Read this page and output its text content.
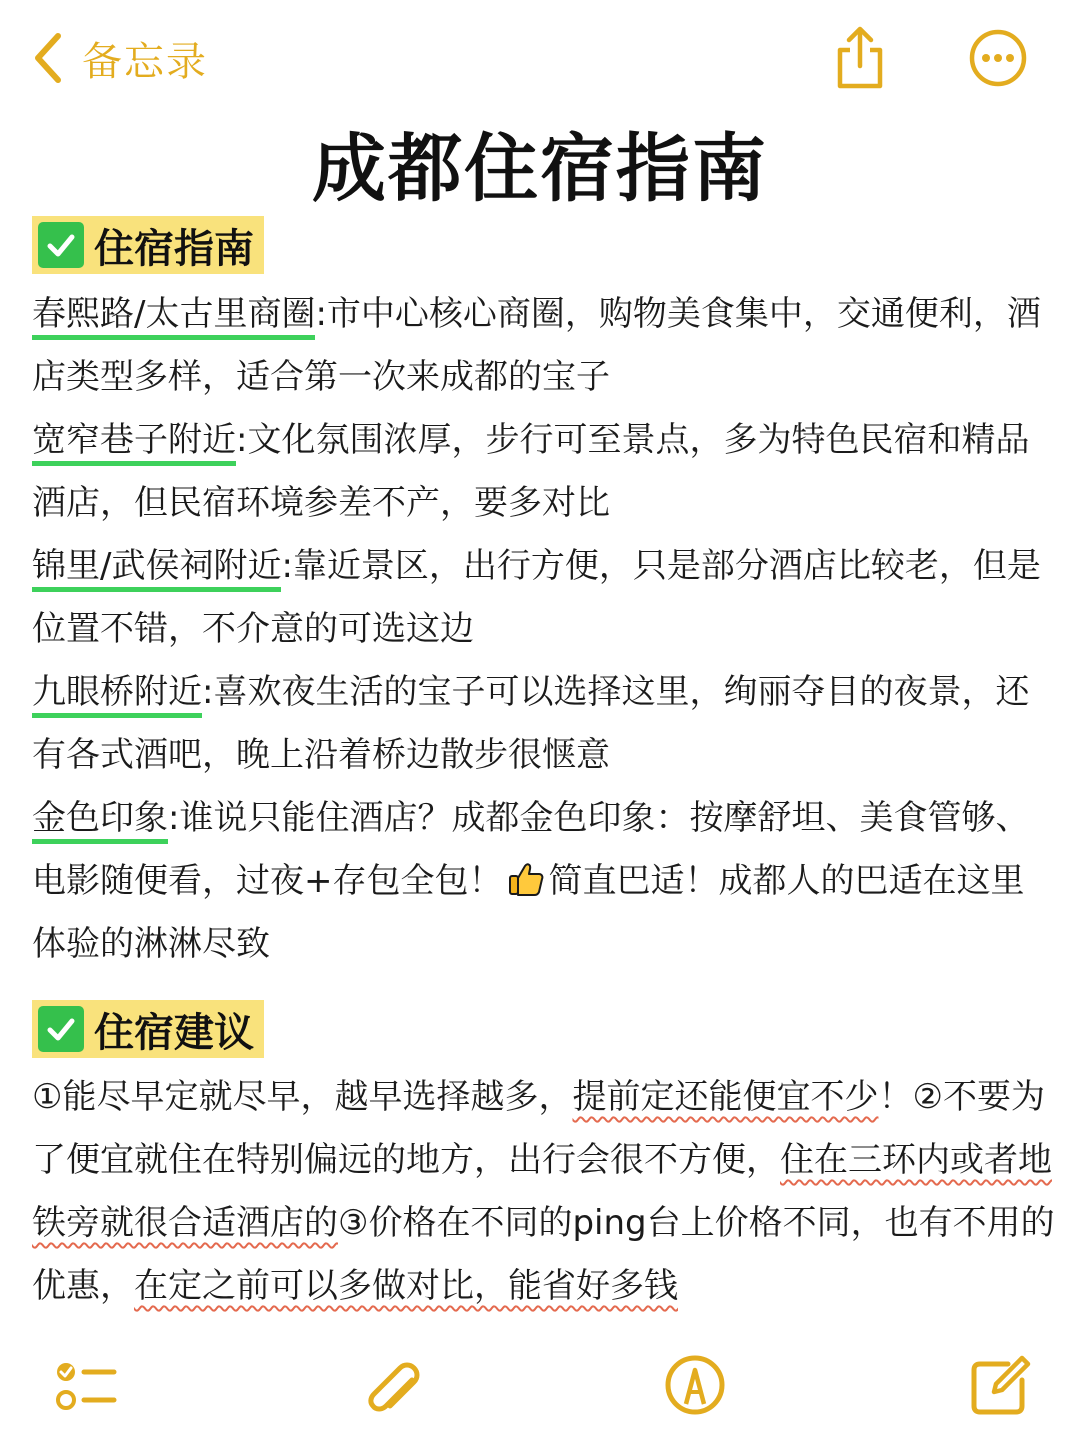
备忘录
成都住宿指南
住宿指南
春熙路/太古里商圈:市中心核心商圈，购物美食集中，交通便利，酒店类型多样，适合第一次来成都的宝子
宽窄巷子附近:文化氛围浓厚，步行可至景点，多为特色民宿和精品酒店，但民宿环境参差不产，要多对比
锦里/武侯祠附近:靠近景区，出行方便，只是部分酒店比较老，但是位置不错，不介意的可选这边
九眼桥附近:喜欢夜生活的宝子可以选择这里，绚丽夺目的夜景，还有各式酒吧，晚上沿着桥边散步很惬意
金色印象:谁说只能住酒店？成都金色印象：按摩舒坦、美食管够、电影随便看，过夜+存包全包！ 简直巴适！成都人的巴适在这里体验的淋淋尽致
住宿建议
①能尽早定就尽早，越早选择越多，提前定还能便宜不少！②不要为了便宜就住在特别偏远的地方，出行会很不方便，住在三环内或者地铁旁就很合适酒店的③价格在不同的ping台上价格不同，也有不用的优惠，在定之前可以多做对比，能省好多钱
